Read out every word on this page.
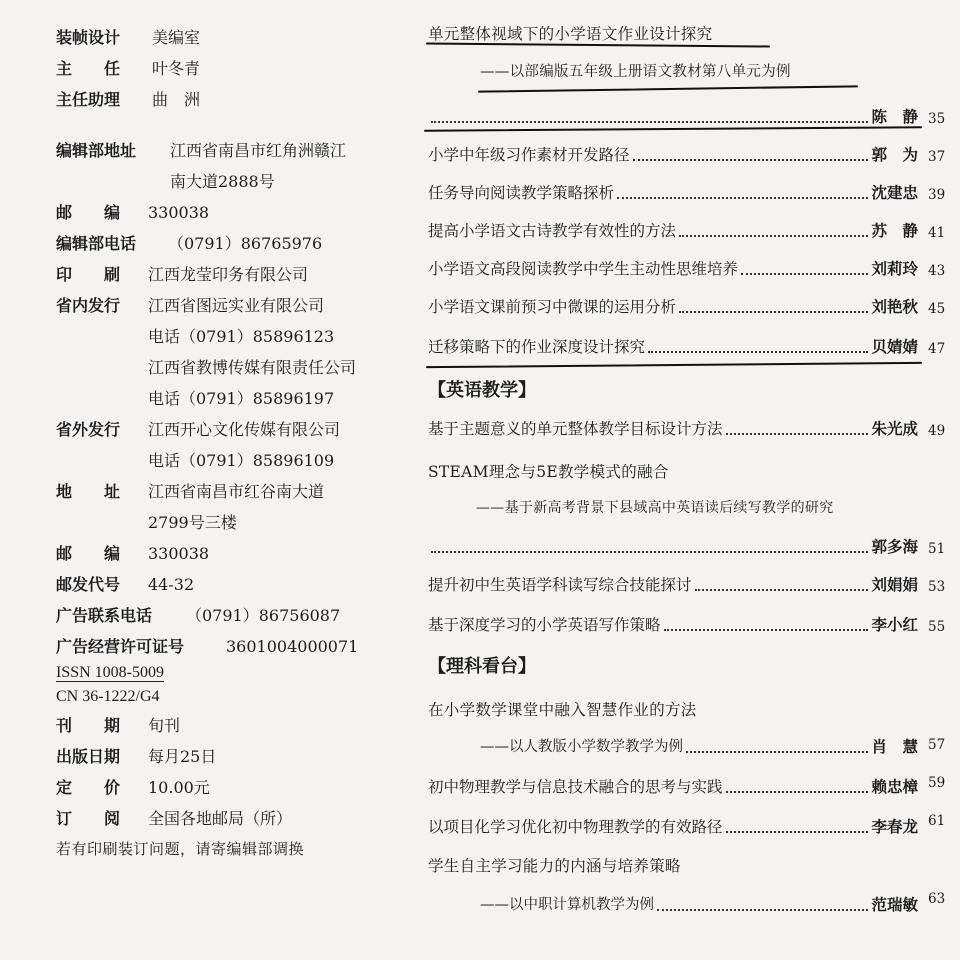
装帧设计 美编室
主　　任 叶冬青
主任助理 曲　洲
编辑部地址 江西省南昌市红角洲赣江
南大道2888号
邮　　编 330038
编辑部电话 （0791）86765976
印　　刷 江西龙莹印务有限公司
省内发行 江西省图远实业有限公司
电话（0791）85896123
江西省教博传媒有限责任公司
电话（0791）85896197
省外发行 江西开心文化传媒有限公司
电话（0791）85896109
地　　址 江西省南昌市红谷南大道
2799号三楼
邮　　编 330038
邮发代号 44-32
广告联系电话 （0791）86756087
广告经营许可证号	3601004000071
ISSN 1008-5009
CN 36-1222/G4
刊　　期 旬刊
出版日期 每月25日
定　　价 10.00元
订　　阅 全国各地邮局（所）
若有印刷装订问题，请寄编辑部调换
单元整体视域下的小学语文作业设计探究
——以部编版五年级上册语文教材第八单元为例
陈　静 35
小学中年级习作素材开发路径	郭　为 37
任务导向阅读教学策略探析	沈建忠 39
提高小学语文古诗教学有效性的方法	苏　静 41
小学语文高段阅读教学中学生主动性思维培养	刘莉玲 43
小学语文课前预习中微课的运用分析	刘艳秋 45
迁移策略下的作业深度设计探究	贝婧婧 47
【英语教学】
基于主题意义的单元整体教学目标设计方法	朱光成 49
STEAM理念与5E教学模式的融合
——基于新高考背景下县域高中英语读后续写教学的研究
郭多海 51
提升初中生英语学科读写综合技能探讨	刘娟娟 53
基于深度学习的小学英语写作策略	李小红 55
【理科看台】
在小学数学课堂中融入智慧作业的方法
——以人教版小学数学教学为例	肖　慧 57
初中物理教学与信息技术融合的思考与实践	赖忠樟 59
以项目化学习优化初中物理教学的有效路径	李春龙 61
学生自主学习能力的内涵与培养策略
——以中职计算机教学为例	范瑞敏 63
